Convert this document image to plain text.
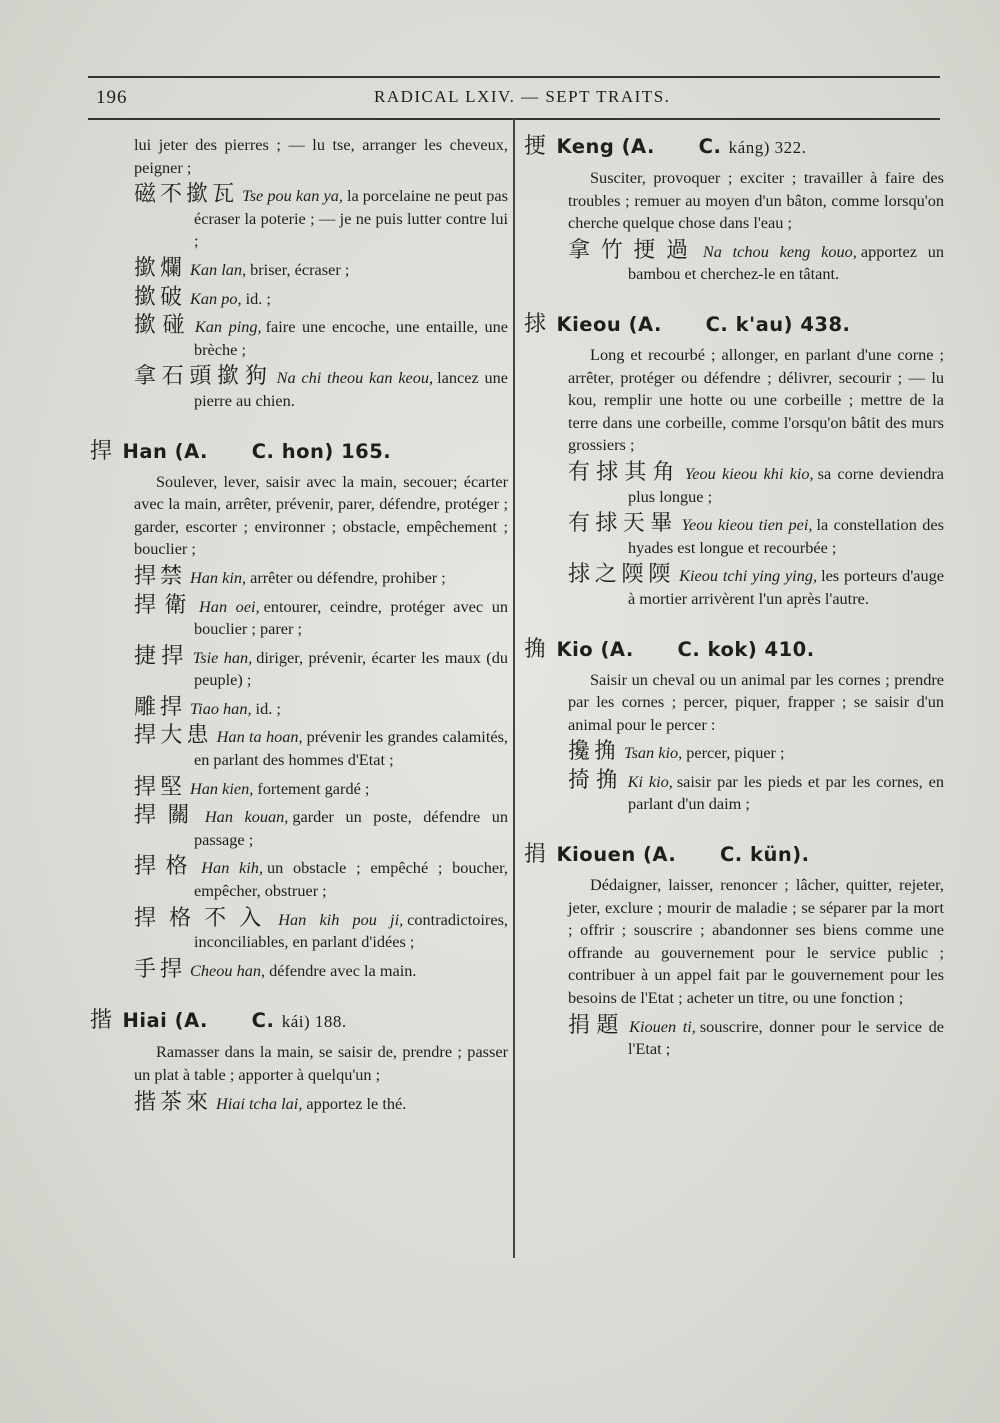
196	RADICAL LXIV. — SEPT TRAITS.
lui jeter des pierres ; — lu tse, arranger les cheveux, peigner ;
磁不撳瓦 Tse pou kan ya, la porcelaine ne peut pas écraser la poterie ; — je ne puis lutter contre lui ;
撳爛 Kan lan, briser, écraser ;
撳破 Kan po, id. ;
撳碰 Kan ping, faire une encoche, une entaille, une brèche ;
拿石頭撳狗 Na chi theou kan keou, lancez une pierre au chien.
捍 Han (A. C. hon) 165.
Soulever, lever, saisir avec la main, secouer; écarter avec la main, arrêter, prévenir, parer, défendre, protéger ; garder, escorter ; environner ; obstacle, empêchement ; bouclier ;
捍禁 Han kin, arrêter ou défendre, prohiber ;
捍衛 Han oei, entourer, ceindre, protéger avec un bouclier ; parer ;
捷捍 Tsie han, diriger, prévenir, écarter les maux (du peuple) ;
雕捍 Tiao han, id. ;
捍大患 Han ta hoan, prévenir les grandes calamités, en parlant des hommes d'Etat ;
捍堅 Han kien, fortement gardé ;
捍關 Han kouan, garder un poste, défendre un passage ;
捍格 Han kih, un obstacle ; empêché ; boucher, empêcher, obstruer ;
捍格不入 Han kih pou ji, contradictoires, inconciliables, en parlant d'idées ;
手捍 Cheou han, défendre avec la main.
揩 Hiai (A. C. kái) 188.
Ramasser dans la main, se saisir de, prendre ; passer un plat à table ; apporter à quelqu'un ;
揩茶來 Hiai tcha lai, apportez le thé.
挭 Keng (A. C. káng) 322.
Susciter, provoquer ; exciter ; travailler à faire des troubles ; remuer au moyen d'un bâton, comme lorsqu'on cherche quelque chose dans l'eau ;
拿竹挭過 Na tchou keng kouo, apportez un bambou et cherchez-le en tâtant.
捄 Kieou (A. C. k'au) 438.
Long et recourbé ; allonger, en parlant d'une corne ; arrêter, protéger ou défendre ; délivrer, secourir ; — lu kou, remplir une hotte ou une corbeille ; mettre de la terre dans une corbeille, comme l'orsqu'on bâtit des murs grossiers ;
有捄其角 Yeou kieou khi kio, sa corne deviendra plus longue ;
有捄天畢 Yeou kieou tien pei, la constellation des hyades est longue et recourbée ;
捄之陾陾 Kieou tchi ying ying, les porteurs d'auge à mortier arrivèrent l'un après l'autre.
捔 Kio (A. C. kok) 410.
Saisir un cheval ou un animal par les cornes ; prendre par les cornes ; percer, piquer, frapper ; se saisir d'un animal pour le percer :
攙捔 Tsan kio, percer, piquer ;
掎捔 Ki kio, saisir par les pieds et par les cornes, en parlant d'un daim ;
捐 Kiouen (A. C. kün).
Dédaigner, laisser, renoncer ; lâcher, quitter, rejeter, jeter, exclure ; mourir de maladie ; se séparer par la mort ; offrir ; souscrire ; abandonner ses biens comme une offrande au gouvernement pour le service public ; contribuer à un appel fait par le gouvernement pour les besoins de l'Etat ; acheter un titre, ou une fonction ;
捐題 Kiouen ti, souscrire, donner pour le service de l'Etat ;
